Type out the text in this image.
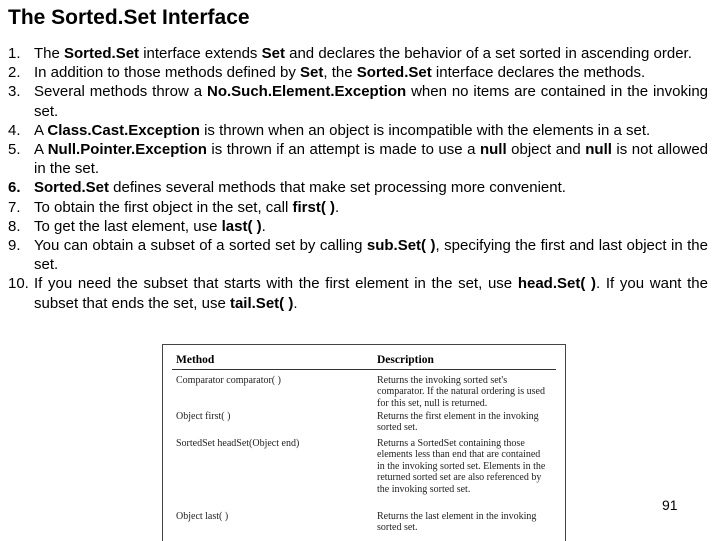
The Sorted.Set Interface
1. The Sorted.Set interface extends Set and declares the behavior of a set sorted in ascending order.
2. In addition to those methods defined by Set, the Sorted.Set interface declares the methods.
3. Several methods throw a No.Such.Element.Exception when no items are contained in the invoking set.
4. A Class.Cast.Exception is thrown when an object is incompatible with the elements in a set.
5. A Null.Pointer.Exception is thrown if an attempt is made to use a null object and null is not allowed in the set.
6. Sorted.Set defines several methods that make set processing more convenient.
7. To obtain the first object in the set, call first( ).
8. To get the last element, use last( ).
9. You can obtain a subset of a sorted set by calling sub.Set( ), specifying the first and last object in the set.
10. If you need the subset that starts with the first element in the set, use head.Set( ). If you want the subset that ends the set, use tail.Set( ).
Method	Description
Comparator comparator( )	Returns the invoking sorted set's comparator. If the natural ordering is used for this set, null is returned.
Object first( )	Returns the first element in the invoking sorted set.
SortedSet headSet(Object end)	Returns a SortedSet containing those elements less than end that are contained in the invoking sorted set. Elements in the returned sorted set are also referenced by the invoking sorted set.
Object last( )	Returns the last element in the invoking sorted set.
91
